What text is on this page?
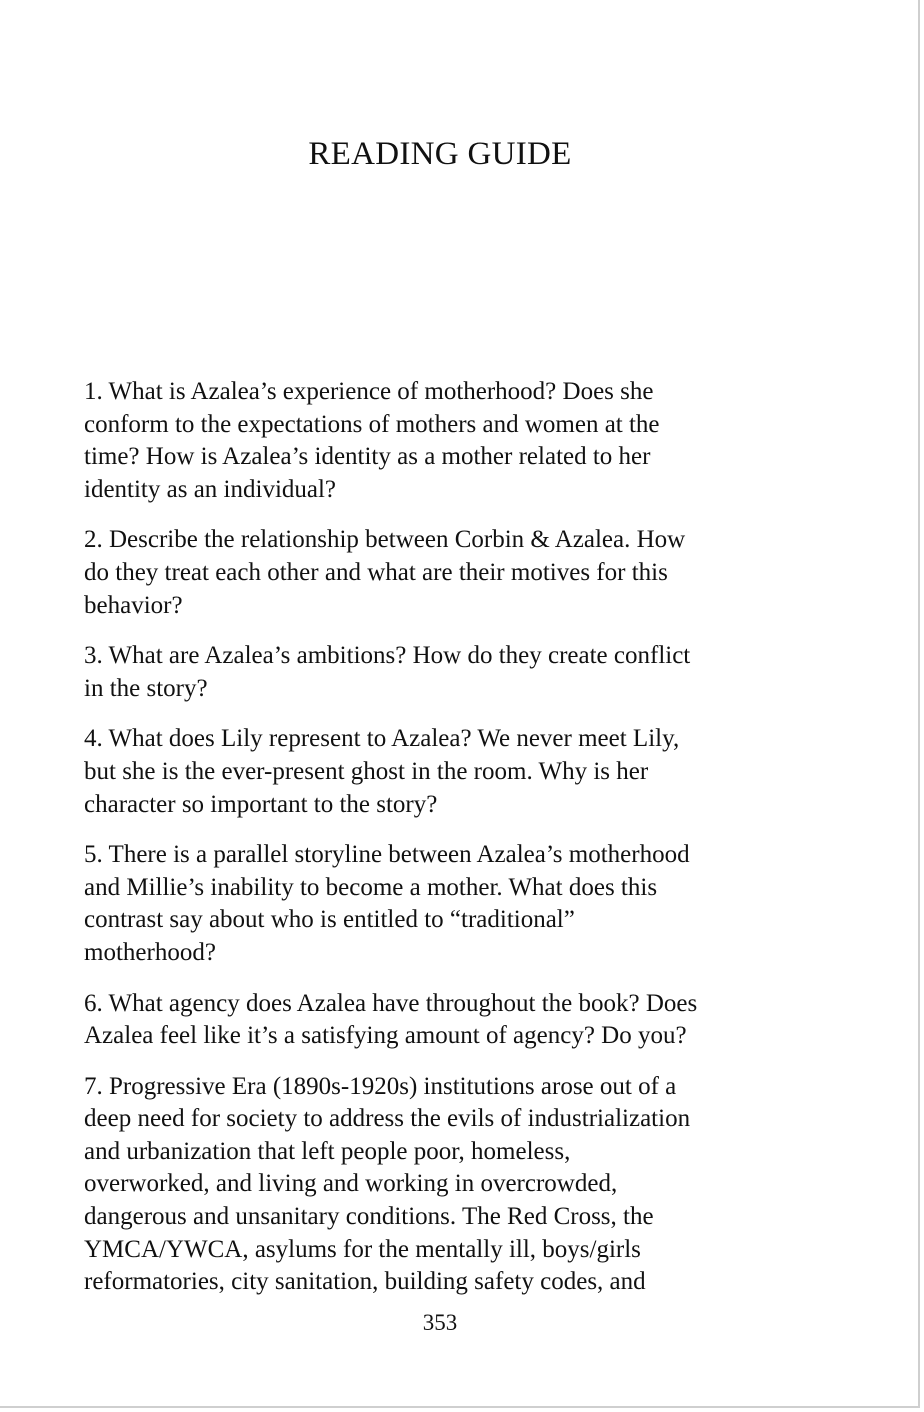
READING GUIDE

1. What is Azalea’s experience of motherhood? Does she
conform to the expectations of mothers and women at the
time? How is Azalea’s identity as a mother related to her
identity as an individual?

2. Describe the relationship between Corbin & Azalea. How
do they treat each other and what are their motives for this
behavior?

3. What are Azalea’s ambitions? How do they create conflict
in the story?

4. What does Lily represent to Azalea? We never meet Lily,
but she is the ever-present ghost in the room. Why is her
character so important to the story?

5. There is a parallel storyline between Azalea’s motherhood
and Millie’s inability to become a mother. What does this
contrast say about who is entitled to “traditional”
motherhood?

6. What agency does Azalea have throughout the book? Does
Azalea feel like it’s a satisfying amount of agency? Do you?

7. Progressive Era (1890s-1920s) institutions arose out of a
deep need for society to address the evils of industrialization
and urbanization that left people poor, homeless,
overworked, and living and working in overcrowded,
dangerous and unsanitary conditions. The Red Cross, the
YMCA/YWCA, asylums for the mentally ill, boys/girls
reformatories, city sanitation, building safety codes, and

353
